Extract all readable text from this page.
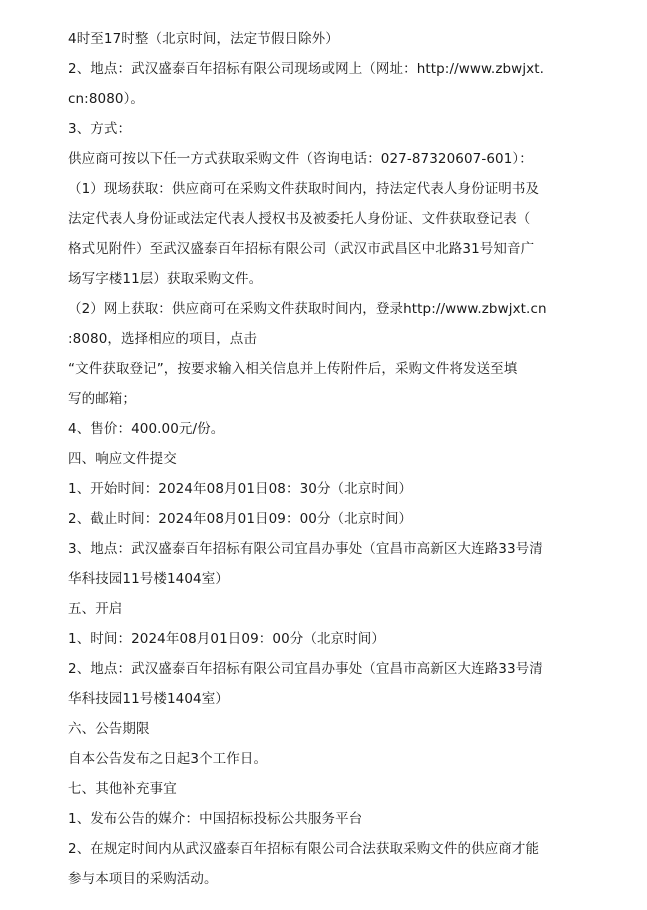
4时至17时整（北京时间，法定节假日除外）
2、地点：武汉盛泰百年招标有限公司现场或网上（网址：http://www.zbwjxt.
cn:8080）。
3、方式：
供应商可按以下任一方式获取采购文件（咨询电话：027-87320607-601）：
（1）现场获取：供应商可在采购文件获取时间内，持法定代表人身份证明书及
法定代表人身份证或法定代表人授权书及被委托人身份证、文件获取登记表（
格式见附件）至武汉盛泰百年招标有限公司（武汉市武昌区中北路31号知音广
场写字楼11层）获取采购文件。
（2）网上获取：供应商可在采购文件获取时间内，登录http://www.zbwjxt.cn
:8080，选择相应的项目，点击
“文件获取登记”，按要求输入相关信息并上传附件后，采购文件将发送至填
写的邮箱；
4、售价：400.00元/份。
四、响应文件提交
1、开始时间：2024年08月01日08：30分（北京时间）
2、截止时间：2024年08月01日09：00分（北京时间）
3、地点：武汉盛泰百年招标有限公司宜昌办事处（宜昌市高新区大连路33号清
华科技园11号楼1404室）
五、开启
1、时间：2024年08月01日09：00分（北京时间）
2、地点：武汉盛泰百年招标有限公司宜昌办事处（宜昌市高新区大连路33号清
华科技园11号楼1404室）
六、公告期限
自本公告发布之日起3个工作日。
七、其他补充事宜
1、发布公告的媒介：中国招标投标公共服务平台
2、在规定时间内从武汉盛泰百年招标有限公司合法获取采购文件的供应商才能
参与本项目的采购活动。
